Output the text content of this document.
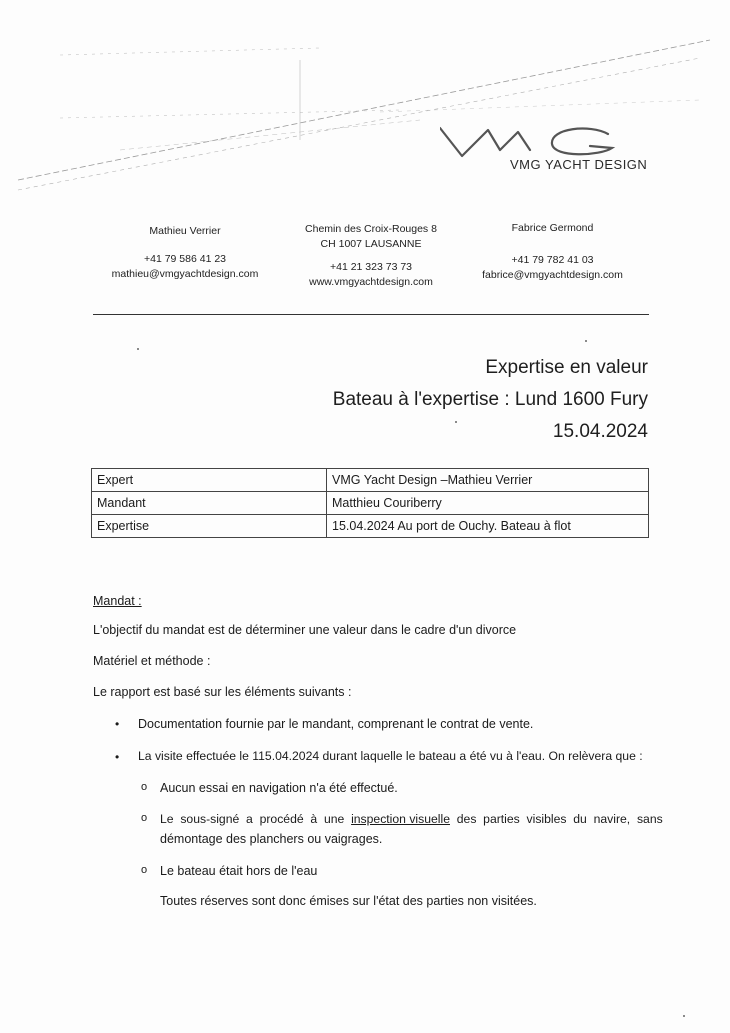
VMG YACHT DESIGN
Mathieu Verrier
+41 79 586 41 23
mathieu@vmgyachtdesign.com
Chemin des Croix-Rouges 8
CH 1007 LAUSANNE
+41 21 323 73 73
www.vmgyachtdesign.com
Fabrice Germond
+41 79 782 41 03
fabrice@vmgyachtdesign.com
Expertise en valeur
Bateau à l'expertise : Lund 1600 Fury
15.04.2024
Expert	VMG Yacht Design –Mathieu Verrier
Mandant	Matthieu Couriberry
Expertise	15.04.2024 Au port de Ouchy. Bateau à flot
Mandat :
L'objectif du mandat est de déterminer une valeur dans le cadre d'un divorce
Matériel et méthode :
Le rapport est basé sur les éléments suivants :
• Documentation fournie par le mandant, comprenant le contrat de vente.
• La visite effectuée le 115.04.2024 durant laquelle le bateau a été vu à l'eau. On relèvera que :
o Aucun essai en navigation n'a été effectué.
o Le  sous-signé  a  procédé  à  une  inspection visuelle  des  parties  visibles  du  navire,  sans
démontage des planchers ou vaigrages.
o Le bateau était hors de l'eau
Toutes réserves sont donc émises sur l'état des parties non visitées.
